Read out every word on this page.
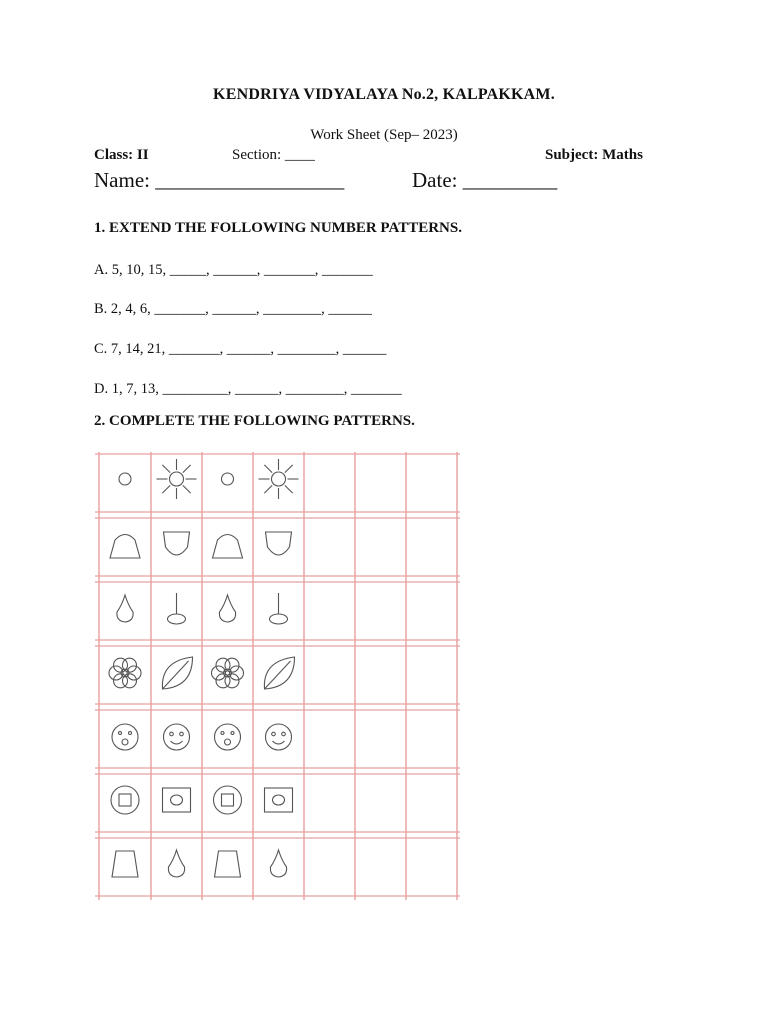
KENDRIYA VIDYALAYA No.2, KALPAKKAM.
Work Sheet (Sep– 2023)
Class: II	Section: ____	Subject: Maths
Name: __________________	Date: _________
1. EXTEND THE FOLLOWING NUMBER PATTERNS.
A. 5, 10, 15, _____, ______, _______, _______
B. 2, 4, 6, _______, ______, ________, ______
C. 7, 14, 21, _______, ______, ________, ______
D. 1, 7, 13, _________, ______, ________, _______
2. COMPLETE THE FOLLOWING PATTERNS.
